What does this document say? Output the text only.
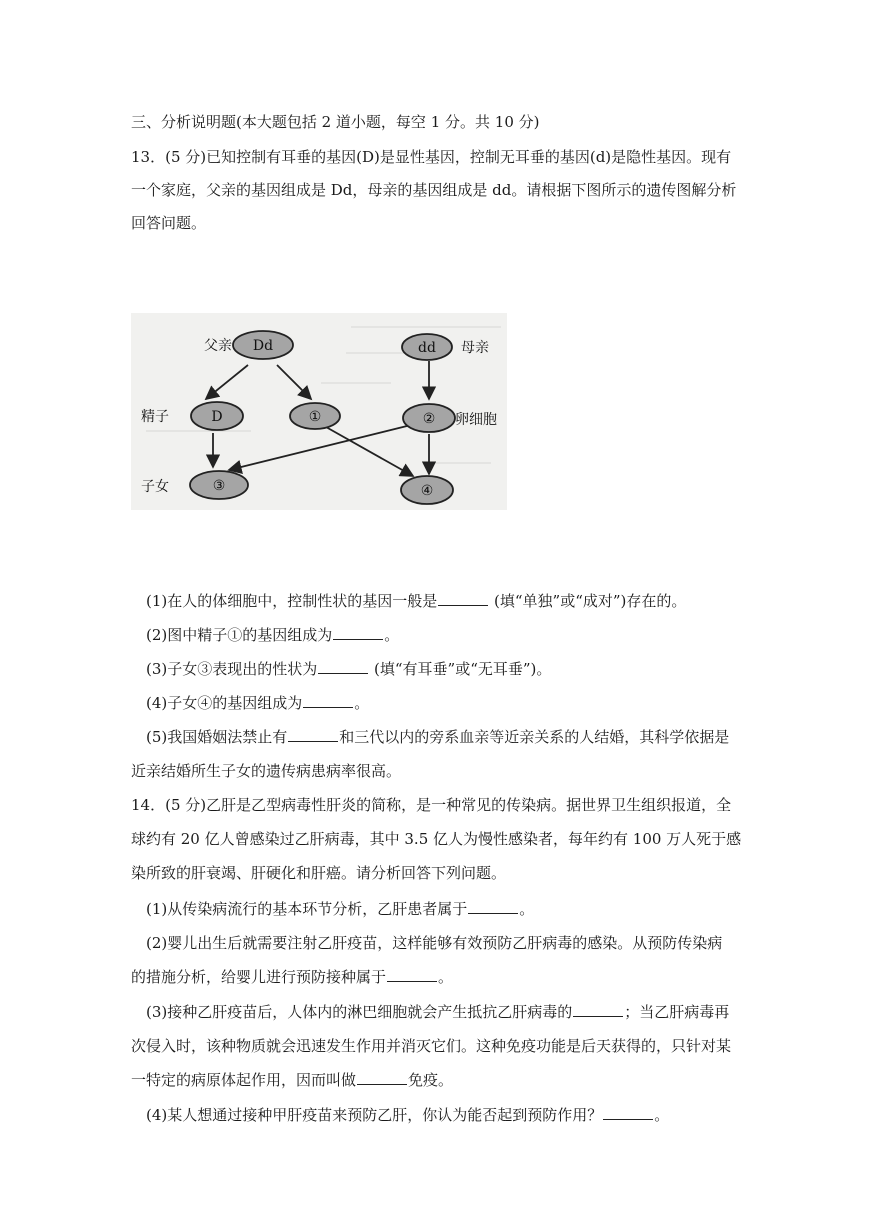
三、分析说明题(本大题包括 2 道小题，每空 1 分。共 10 分)
13．(5 分)已知控制有耳垂的基因(D)是显性基因，控制无耳垂的基因(d)是隐性基因。现有
一个家庭，父亲的基因组成是 Dd，母亲的基因组成是 dd。请根据下图所示的遗传图解分析
回答问题。
父亲 Dd	dd 母亲
精子	D	①	② 卵细胞
子女	③	④
(1)在人的体细胞中，控制性状的基因一般是	(填“单独”或“成对”)存在的。
(2)图中精子①的基因组成为	。
(3)子女③表现出的性状为	(填“有耳垂”或“无耳垂”)。
(4)子女④的基因组成为	。
(5)我国婚姻法禁止有	和三代以内的旁系血亲等近亲关系的人结婚，其科学依据是
近亲结婚所生子女的遗传病患病率很高。
14．(5 分)乙肝是乙型病毒性肝炎的简称，是一种常见的传染病。据世界卫生组织报道，全
球约有 20 亿人曾感染过乙肝病毒，其中 3.5 亿人为慢性感染者，每年约有 100 万人死于感
染所致的肝衰竭、肝硬化和肝癌。请分析回答下列问题。
(1)从传染病流行的基本环节分析，乙肝患者属于	。
(2)婴儿出生后就需要注射乙肝疫苗，这样能够有效预防乙肝病毒的感染。从预防传染病
的措施分析，给婴儿进行预防接种属于	。
(3)接种乙肝疫苗后，人体内的淋巴细胞就会产生抵抗乙肝病毒的	；当乙肝病毒再
次侵入时，该种物质就会迅速发生作用并消灭它们。这种免疫功能是后天获得的，只针对某
一特定的病原体起作用，因而叫做	免疫。
(4)某人想通过接种甲肝疫苗来预防乙肝，你认为能否起到预防作用？	。
